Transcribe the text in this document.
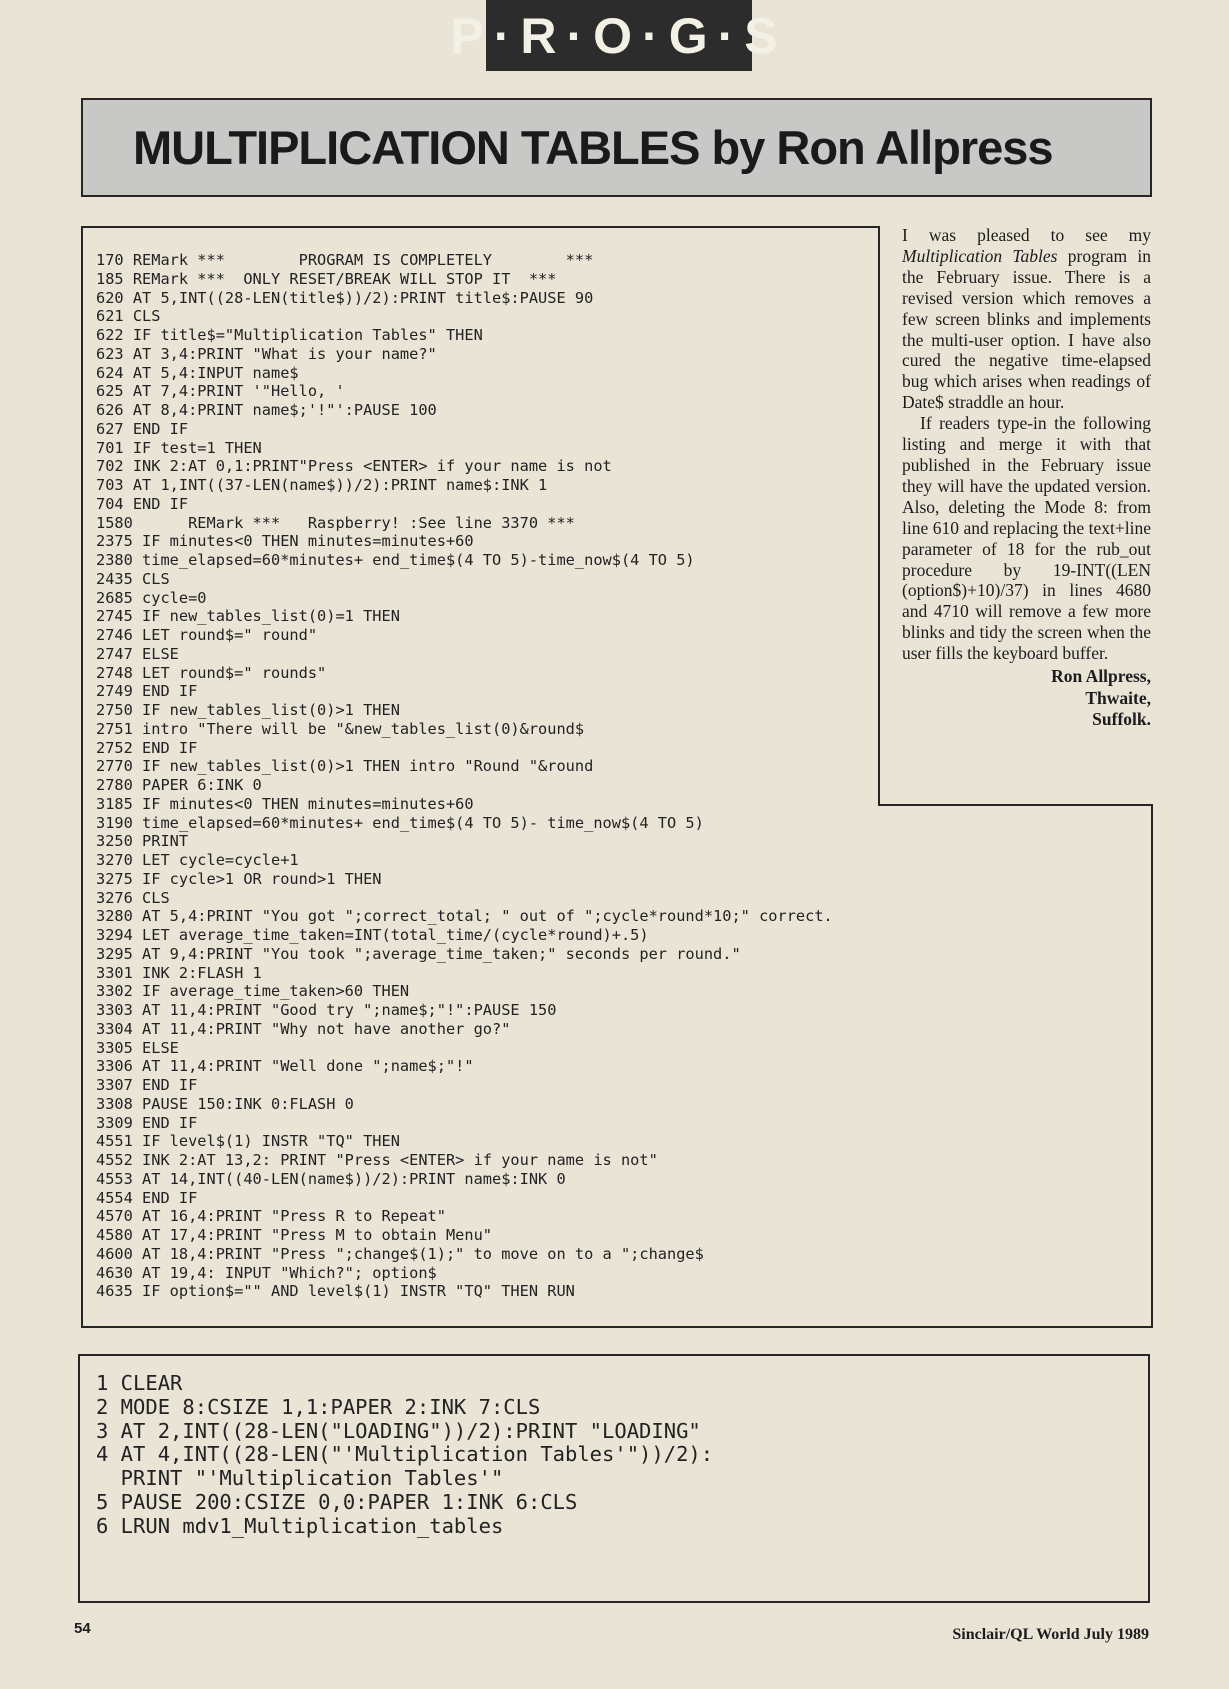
P·R·O·G·S
MULTIPLICATION TABLES by Ron Allpress
170 REMark ***        PROGRAM IS COMPLETELY        ***
185 REMark ***  ONLY RESET/BREAK WILL STOP IT  ***
620 AT 5,INT((28-LEN(title$))/2):PRINT title$:PAUSE 90
621 CLS
622 IF title$="Multiplication Tables" THEN
623 AT 3,4:PRINT "What is your name?"
624 AT 5,4:INPUT name$
625 AT 7,4:PRINT '"Hello, '
626 AT 8,4:PRINT name$;'!"':PAUSE 100
627 END IF
701 IF test=1 THEN
702 INK 2:AT 0,1:PRINT"Press <ENTER> if your name is not
703 AT 1,INT((37-LEN(name$))/2):PRINT name$:INK 1
704 END IF
1580      REMark ***   Raspberry! :See line 3370 ***
2375 IF minutes<0 THEN minutes=minutes+60
2380 time_elapsed=60*minutes+ end_time$(4 TO 5)-time_now$(4 TO 5)
2435 CLS
2685 cycle=0
2745 IF new_tables_list(0)=1 THEN
2746 LET round$=" round"
2747 ELSE
2748 LET round$=" rounds"
2749 END IF
2750 IF new_tables_list(0)>1 THEN
2751 intro "There will be "&new_tables_list(0)&round$
2752 END IF
2770 IF new_tables_list(0)>1 THEN intro "Round "&round
2780 PAPER 6:INK 0
3185 IF minutes<0 THEN minutes=minutes+60
3190 time_elapsed=60*minutes+ end_time$(4 TO 5)- time_now$(4 TO 5)
3250 PRINT
3270 LET cycle=cycle+1
3275 IF cycle>1 OR round>1 THEN
3276 CLS
3280 AT 5,4:PRINT "You got ";correct_total; " out of ";cycle*round*10;" correct.
3294 LET average_time_taken=INT(total_time/(cycle*round)+.5)
3295 AT 9,4:PRINT "You took ";average_time_taken;" seconds per round."
3301 INK 2:FLASH 1
3302 IF average_time_taken>60 THEN
3303 AT 11,4:PRINT "Good try ";name$;"!":PAUSE 150
3304 AT 11,4:PRINT "Why not have another go?"
3305 ELSE
3306 AT 11,4:PRINT "Well done ";name$;"!"
3307 END IF
3308 PAUSE 150:INK 0:FLASH 0
3309 END IF
4551 IF level$(1) INSTR "TQ" THEN
4552 INK 2:AT 13,2: PRINT "Press <ENTER> if your name is not"
4553 AT 14,INT((40-LEN(name$))/2):PRINT name$:INK 0
4554 END IF
4570 AT 16,4:PRINT "Press R to Repeat"
4580 AT 17,4:PRINT "Press M to obtain Menu"
4600 AT 18,4:PRINT "Press ";change$(1);" to move on to a ";change$
4630 AT 19,4: INPUT "Which?"; option$
4635 IF option$="" AND level$(1) INSTR "TQ" THEN RUN

I was pleased to see my Multiplication Tables program in the February issue. There is a revised version which removes a few screen blinks and implements the multi-user option. I have also cured the negative time-elapsed bug which arises when readings of Date$ straddle an hour.

If readers type-in the following listing and merge it with that published in the February issue they will have the updated version. Also, deleting the Mode 8: from line 610 and replacing the text+line parameter of 18 for the rub_out procedure by 19-INT((LEN (option$)+10)/37) in lines 4680 and 4710 will remove a few more blinks and tidy the screen when the user fills the keyboard buffer.

Ron Allpress,
Thwaite,
Suffolk.
1 CLEAR
2 MODE 8:CSIZE 1,1:PAPER 2:INK 7:CLS
3 AT 2,INT((28-LEN("LOADING"))/2):PRINT "LOADING"
4 AT 4,INT((28-LEN("'Multiplication Tables'"))/2):
PRINT "'Multiplication Tables'"
5 PAUSE 200:CSIZE 0,0:PAPER 1:INK 6:CLS
6 LRUN mdv1_Multiplication_tables
54	Sinclair/QL World July 1989
